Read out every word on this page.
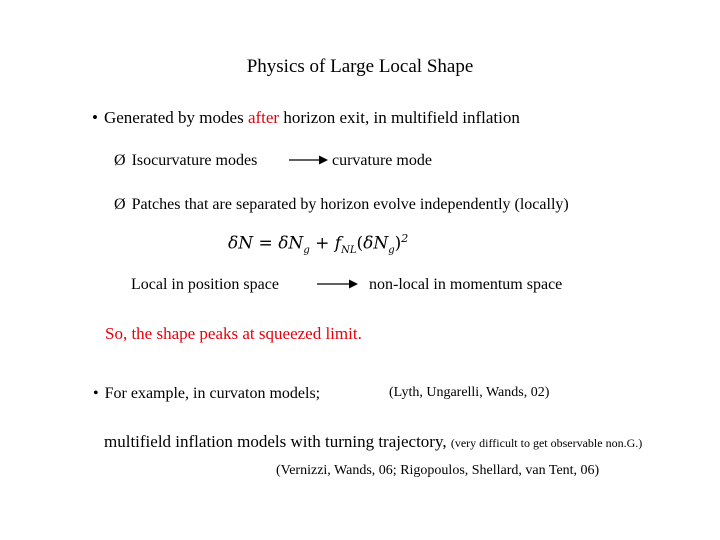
Physics of Large Local Shape
• Generated by modes after horizon exit, in multifield inflation
Ø Isocurvature modes	curvature mode
Ø Patches that are separated by horizon evolve independently (locally)
$\delta N = \delta N_g + f_{NL}(\delta N_g)^2$
Local in position space	non-local in momentum space
So, the shape peaks at squeezed limit.
• For example, in curvaton models;	(Lyth, Ungarelli, Wands, 02)
multifield inflation models with turning trajectory, (very difficult to get observable non.G.)
(Vernizzi, Wands, 06; Rigopoulos, Shellard, van Tent, 06)
